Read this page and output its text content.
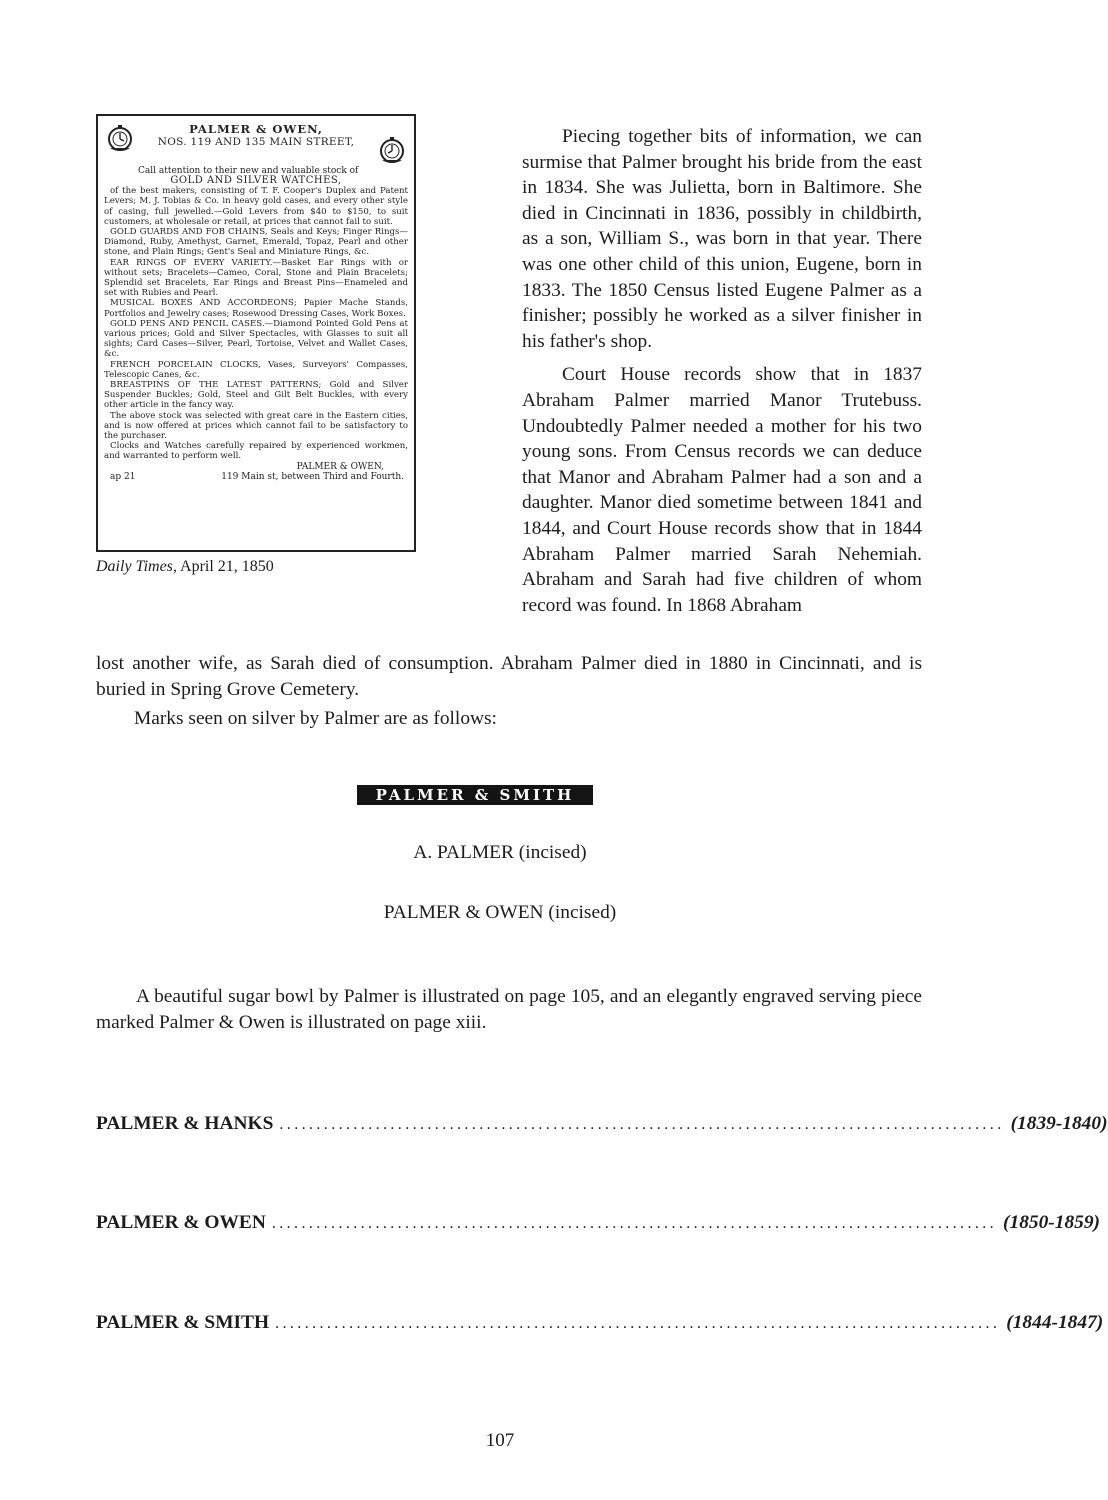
PALMER & OWEN,
NOS. 119 AND 135 MAIN STREET,
Call attention to their new and valuable stock of
GOLD AND SILVER WATCHES,

of the best makers, consisting of T. F. Cooper's Duplex and Patent Levers; M. J. Tobias & Co. in heavy gold cases, and every other style of casing, full jewelled.—Gold Levers from $40 to $150, to suit customers, at wholesale or retail, at prices that cannot fail to suit.

GOLD GUARDS AND FOB CHAINS, Seals and Keys; Finger Rings—Diamond, Ruby, Amethyst, Garnet, Emerald, Topaz, Pearl and other stone, and Plain Rings; Gent's Seal and Miniature Rings, &c.

EAR RINGS OF EVERY VARIETY.—Basket Ear Rings with or without sets; Bracelets—Cameo, Coral, Stone and Plain Bracelets; Splendid set Bracelets, Ear Rings and Breast Pins—Enameled and set with Rubies and Pearl.

MUSICAL BOXES AND ACCORDEONS; Papier Mache Stands, Portfolios and Jewelry cases; Rosewood Dressing Cases, Work Boxes.

GOLD PENS AND PENCIL CASES.—Diamond Pointed Gold Pens at various prices; Gold and Silver Spectacles, with Glasses to suit all sights; Card Cases—Silver, Pearl, Tortoise, Velvet and Wallet Cases, &c.

FRENCH PORCELAIN CLOCKS, Vases, Surveyors' Compasses, Telescopic Canes, &c.

BREASTPINS OF THE LATEST PATTERNS; Gold and Silver Suspender Buckles; Gold, Steel and Gilt Belt Buckles, with every other article in the fancy way.

The above stock was selected with great care in the Eastern cities, and is now offered at prices which cannot fail to be satisfactory to the purchaser.

Clocks and Watches carefully repaired by experienced workmen, and warranted to perform well.

PALMER & OWEN,
ap 21	119 Main st, between Third and Fourth.
Daily Times, April 21, 1850

Piecing together bits of information, we can surmise that Palmer brought his bride from the east in 1834. She was Julietta, born in Baltimore. She died in Cincinnati in 1836, possibly in childbirth, as a son, William S., was born in that year. There was one other child of this union, Eugene, born in 1833. The 1850 Census listed Eugene Palmer as a finisher; possibly he worked as a silver finisher in his father's shop.

Court House records show that in 1837 Abraham Palmer married Manor Trutebuss. Undoubtedly Palmer needed a mother for his two young sons. From Census records we can deduce that Manor and Abraham Palmer had a son and a daughter. Manor died sometime between 1841 and 1844, and Court House records show that in 1844 Abraham Palmer married Sarah Nehemiah. Abraham and Sarah had five children of whom record was found. In 1868 Abraham

lost another wife, as Sarah died of consumption. Abraham Palmer died in 1880 in Cincinnati, and is buried in Spring Grove Cemetery.

Marks seen on silver by Palmer are as follows:
PALMER & SMITH
A. PALMER (incised)
PALMER & OWEN (incised)

A beautiful sugar bowl by Palmer is illustrated on page 105, and an elegantly engraved serving piece marked Palmer & Owen is illustrated on page xiii.

PALMER & HANKS .................................................................................................. (1839-1840)
PALMER & OWEN .................................................................................................. (1850-1859)
PALMER & SMITH .................................................................................................. (1844-1847)
107
